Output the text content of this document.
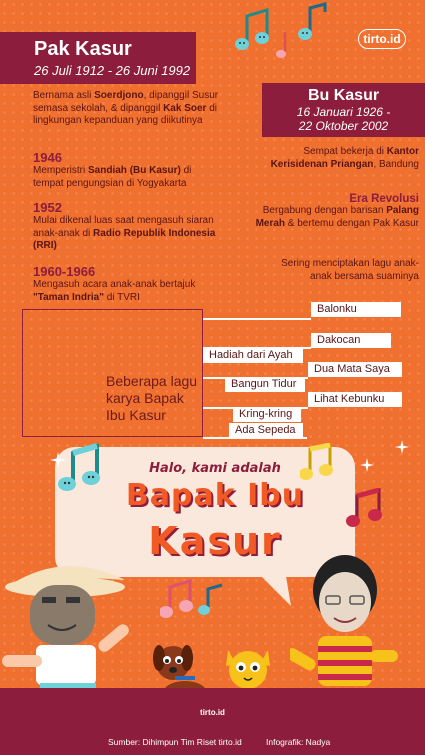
tirto.id
Pak Kasur
26 Juli 1912 - 26 Juni 1992
Bu Kasur
16 Januari 1926 -
22 Oktober 2002
Bernama asli Soerdjono, dipanggil Susur semasa sekolah, & dipanggil Kak Soer di lingkungan kepanduan yang diikutinya
1946
Memperistri Sandiah (Bu Kasur) di tempat pengungsian di Yogyakarta
1952
Mulai dikenal luas saat mengasuh siaran anak-anak di Radio Republik Indonesia (RRI)
1960-1966
Mengasuh acara anak-anak bertajuk "Taman Indria" di TVRI
Sempat bekerja di Kantor Kerisidenan Priangan, Bandung
Era Revolusi
Bergabung dengan barisan Palang Merah & bertemu dengan Pak Kasur
Sering menciptakan lagu anak-anak bersama suaminya
Beberapa lagu karya Bapak Ibu Kasur
Balonku
Dakocan
Dua Mata Saya
Lihat Kebunku
Hadiah dari Ayah
Bangun Tidur
Kring-kring
Ada Sepeda
Halo, kami adalah
Bapak Ibu
Kasur
tirto.id
Sumber: Dihimpun Tim Riset tirto.id	Infografik: Nadya
